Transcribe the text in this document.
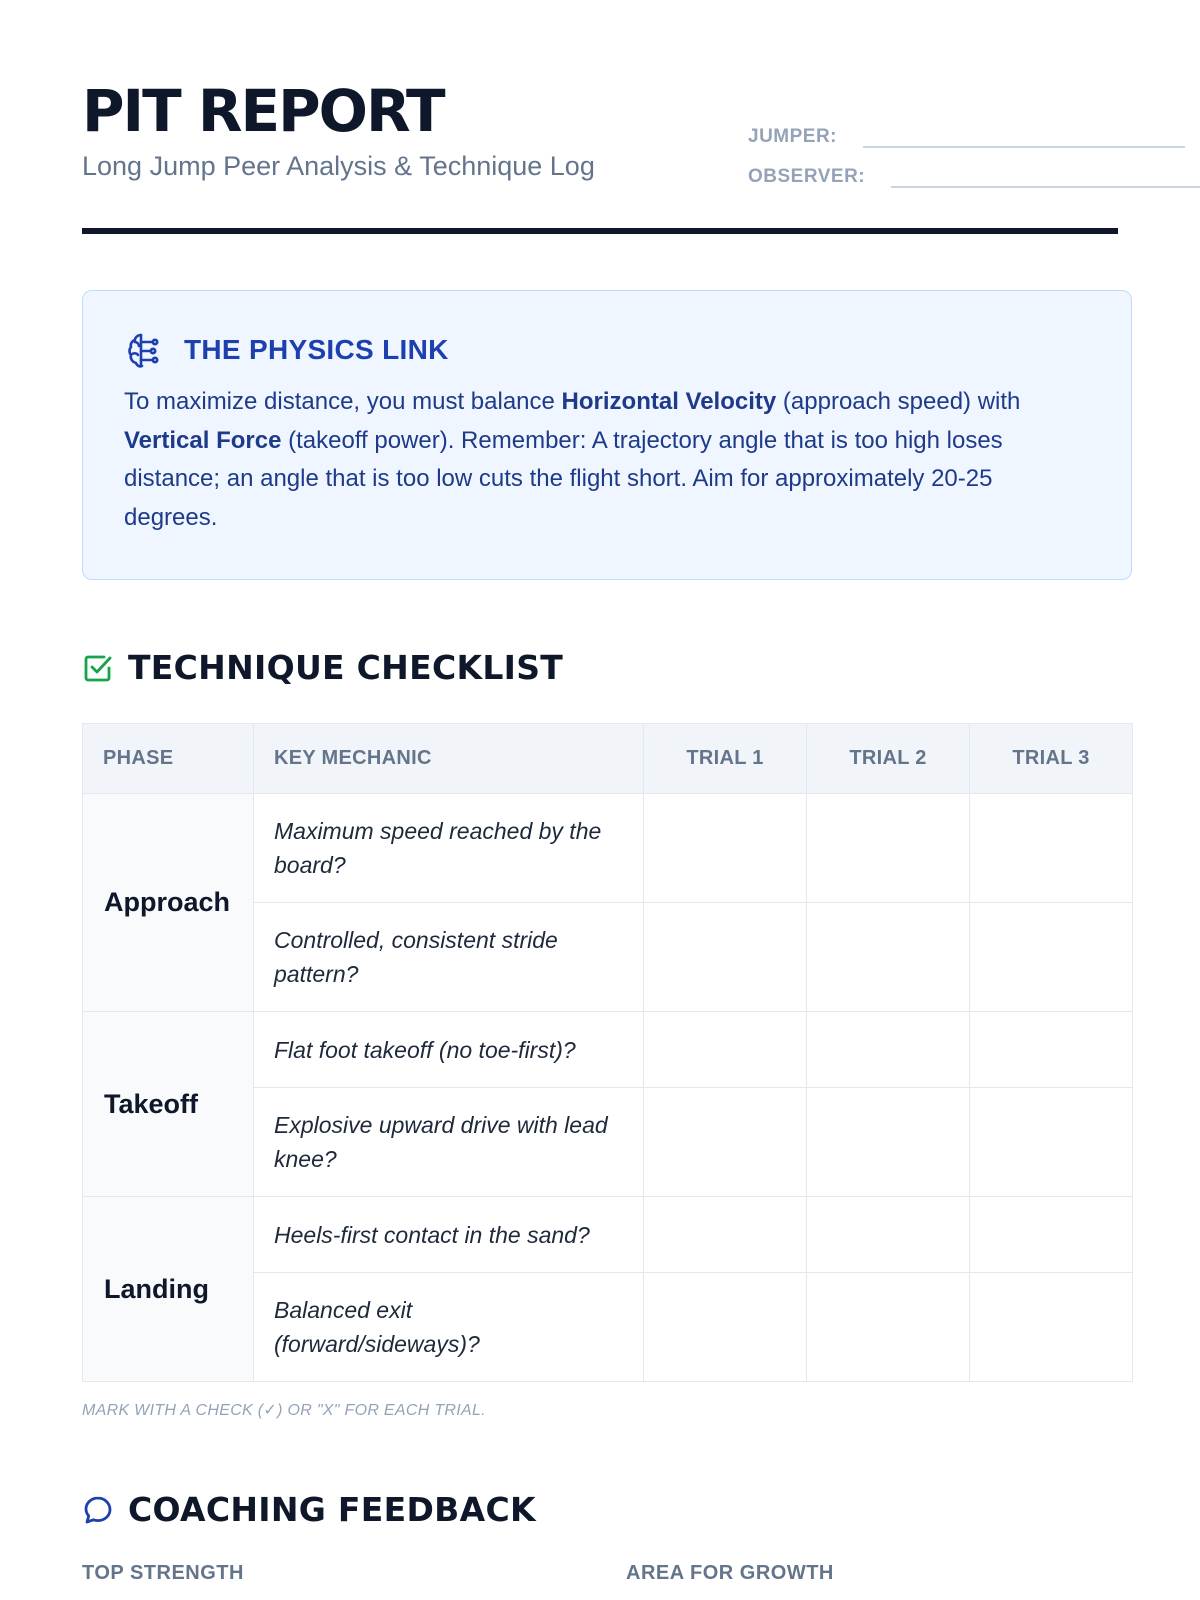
PIT REPORT
Long Jump Peer Analysis & Technique Log
JUMPER:
OBSERVER:
THE PHYSICS LINK
To maximize distance, you must balance Horizontal Velocity (approach speed) with Vertical Force (takeoff power). Remember: A trajectory angle that is too high loses distance; an angle that is too low cuts the flight short. Aim for approximately 20-25 degrees.
TECHNIQUE CHECKLIST
PHASE	KEY MECHANIC	TRIAL 1	TRIAL 2	TRIAL 3
Approach	Maximum speed reached by the board?			
	Controlled, consistent stride pattern?			
Takeoff	Flat foot takeoff (no toe-first)?			
	Explosive upward drive with lead knee?			
Landing	Heels-first contact in the sand?			
	Balanced exit (forward/sideways)?			
MARK WITH A CHECK (✓) OR "X" FOR EACH TRIAL.
COACHING FEEDBACK
TOP STRENGTH	AREA FOR GROWTH
